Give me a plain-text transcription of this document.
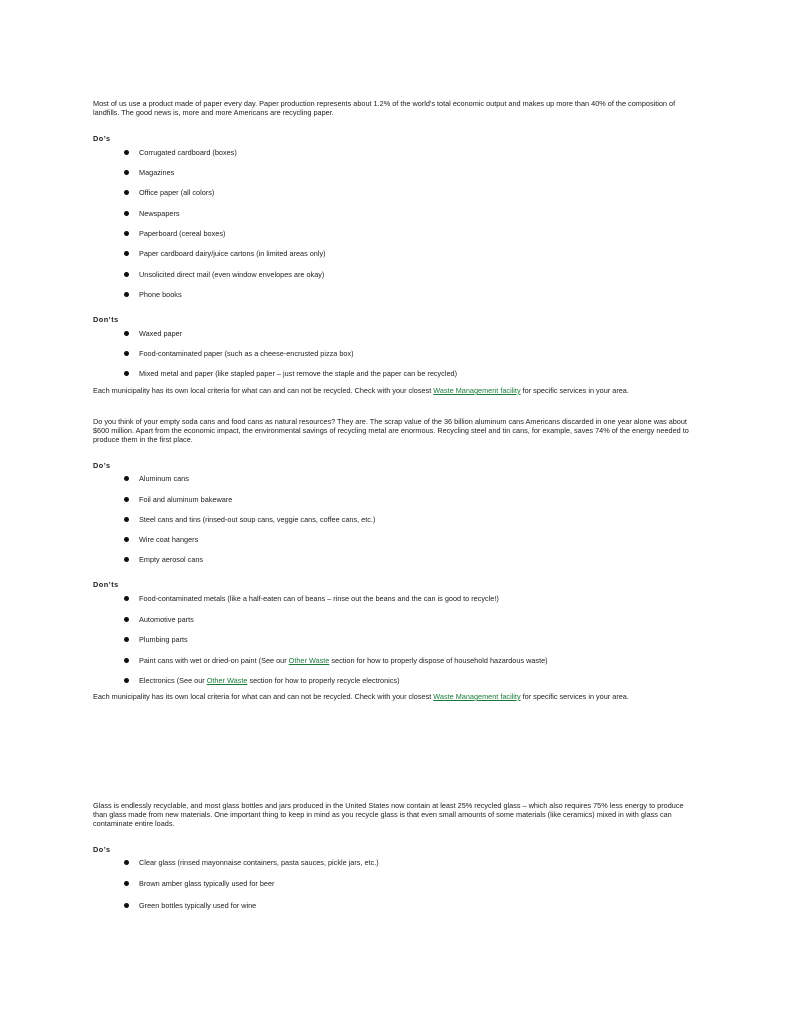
Most of us use a product made of paper every day. Paper production represents about 1.2% of the world's total economic output and makes up more than 40% of the composition of landfills. The good news is, more and more Americans are recycling paper.
Do’s
Corrugated cardboard (boxes)
Magazines
Office paper (all colors)
Newspapers
Paperboard (cereal boxes)
Paper cardboard dairy/juice cartons (in limited areas only)
Unsolicited direct mail (even window envelopes are okay)
Phone books
Don’ts
Waxed paper
Food-contaminated paper (such as a cheese-encrusted pizza box)
Mixed metal and paper (like stapled paper – just remove the staple and the paper can be recycled)
Each municipality has its own local criteria for what can and can not be recycled. Check with your closest Waste Management facility for specific services in your area.
Do you think of your empty soda cans and food cans as natural resources? They are. The scrap value of the 36 billion aluminum cans Americans discarded in one year alone was about $600 million. Apart from the economic impact, the environmental savings of recycling metal are enormous. Recycling steel and tin cans, for example, saves 74% of the energy needed to produce them in the first place.
Do’s
Aluminum cans
Foil and aluminum bakeware
Steel cans and tins (rinsed-out soup cans, veggie cans, coffee cans, etc.)
Wire coat hangers
Empty aerosol cans
Don’ts
Food-contaminated metals (like a half-eaten can of beans – rinse out the beans and the can is good to recycle!)
Automotive parts
Plumbing parts
Paint cans with wet or dried-on paint (See our Other Waste section for how to properly dispose of household hazardous waste)
Electronics (See our Other Waste section for how to properly recycle electronics)
Each municipality has its own local criteria for what can and can not be recycled. Check with your closest Waste Management facility for specific services in your area.
Glass is endlessly recyclable, and most glass bottles and jars produced in the United States now contain at least 25% recycled glass – which also requires 75% less energy to produce than glass made from new materials. One important thing to keep in mind as you recycle glass is that even small amounts of some materials (like ceramics) mixed in with glass can contaminate entire loads.
Do’s
Clear glass (rinsed mayonnaise containers, pasta sauces, pickle jars, etc.)
Brown amber glass typically used for beer
Green bottles typically used for wine
